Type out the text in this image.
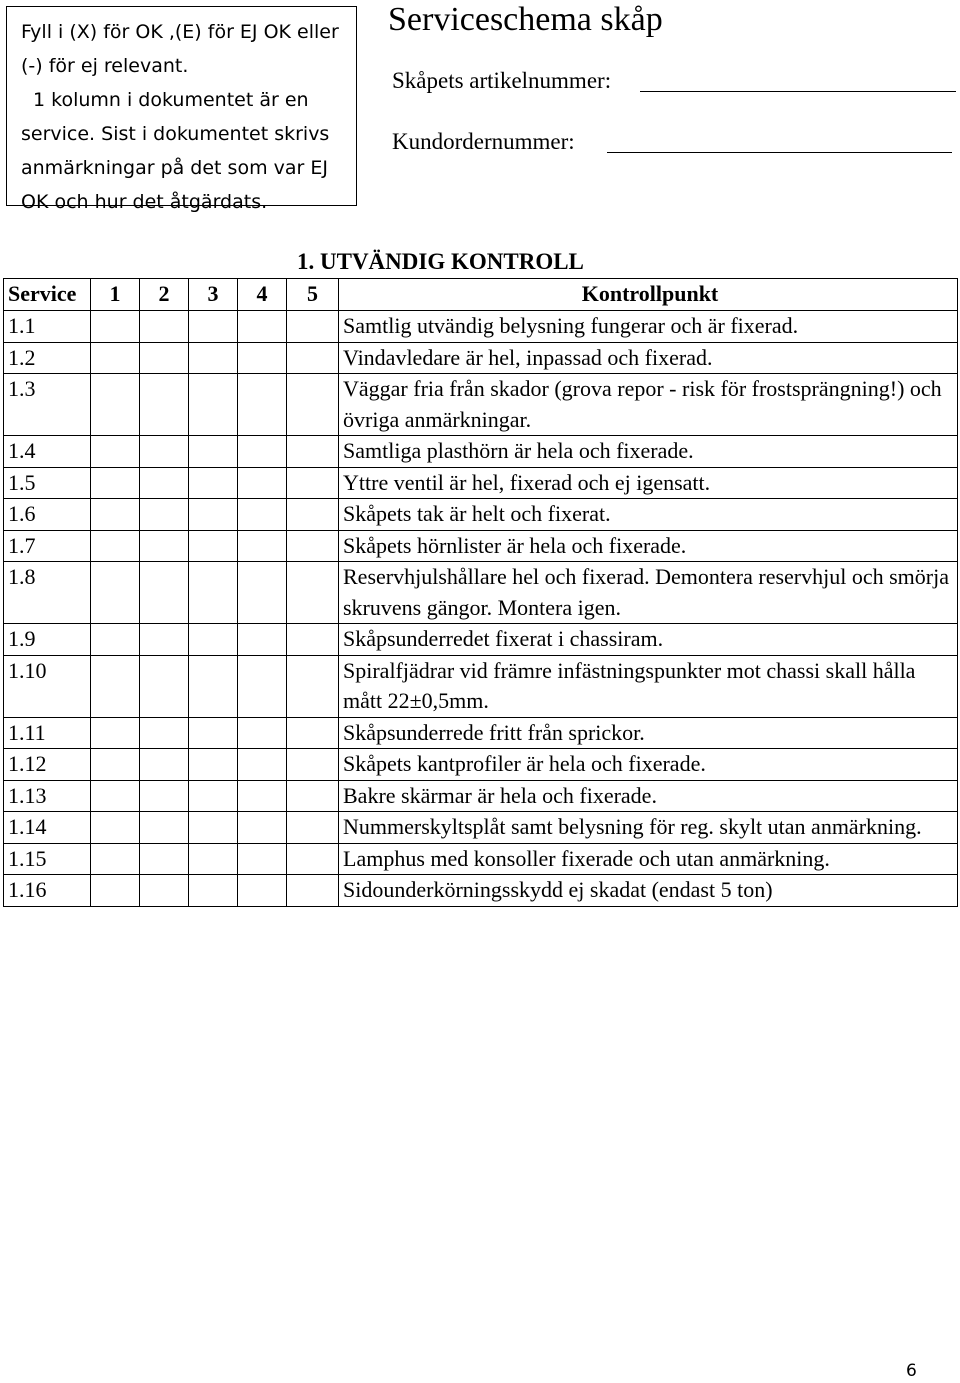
Fyll i (X) för OK ,(E) för EJ OK eller
(-) för ej relevant.
1 kolumn i dokumentet är en
service. Sist i dokumentet skrivs
anmärkningar på det som var EJ
OK och hur det åtgärdats.
Serviceschema skåp
Skåpets artikelnummer:
Kundordernummer:
1. UTVÄNDIG KONTROLL
Service	1	2	3	4	5	Kontrollpunkt
1.1						Samtlig utvändig belysning fungerar och är fixerad.
1.2						Vindavledare är hel, inpassad och fixerad.
1.3						Väggar fria från skador (grova repor - risk för frostsprängning!) och övriga anmärkningar.
1.4						Samtliga plasthörn är hela och fixerade.
1.5						Yttre ventil är hel, fixerad och ej igensatt.
1.6						Skåpets tak är helt och fixerat.
1.7						Skåpets hörnlister är hela och fixerade.
1.8						Reservhjulshållare hel och fixerad. Demontera reservhjul och smörja skruvens gängor. Montera igen.
1.9						Skåpsunderredet fixerat i chassiram.
1.10						Spiralfjädrar vid främre infästningspunkter mot chassi skall hålla mått 22±0,5mm.
1.11						Skåpsunderrede fritt från sprickor.
1.12						Skåpets kantprofiler är hela och fixerade.
1.13						Bakre skärmar är hela och fixerade.
1.14						Nummerskyltsplåt samt belysning för reg. skylt utan anmärkning.
1.15						Lamphus med konsoller fixerade och utan anmärkning.
1.16						Sidounderkörningsskydd ej skadat (endast 5 ton)
6
